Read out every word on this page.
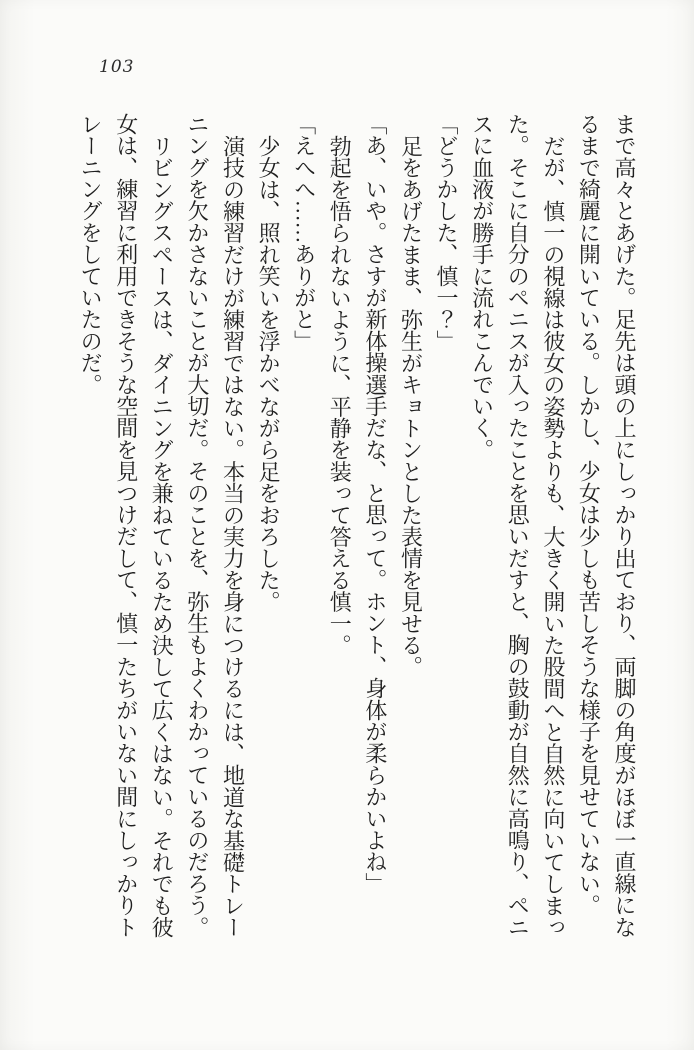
103

まで高々とあげた。足先は頭の上にしっかり出ており、両脚の角度がほぼ一直線にな

るまで綺麗に開いている。しかし、少女は少しも苦しそうな様子を見せていない。

だが、慎一の視線は彼女の姿勢よりも、大きく開いた股間へと自然に向いてしまっ

た。そこに自分のペニスが入ったことを思いだすと、胸の鼓動が自然に高鳴り、ペニ

スに血液が勝手に流れこんでいく。

「どうかした、慎一？」

足をあげたまま、弥生がキョトンとした表情を見せる。

「あ、いや。さすが新体操選手だな、と思って。ホント、身体が柔らかいよね」

勃起を悟られないように、平静を装って答える慎一。

「えへへ……ありがと」

少女は、照れ笑いを浮かべながら足をおろした。

演技の練習だけが練習ではない。本当の実力を身につけるには、地道な基礎トレー

ニングを欠かさないことが大切だ。そのことを、弥生もよくわかっているのだろう。

リビングスペースは、ダイニングを兼ねているため決して広くはない。それでも彼

女は、練習に利用できそうな空間を見つけだして、慎一たちがいない間にしっかりト

レーニングをしていたのだ。
